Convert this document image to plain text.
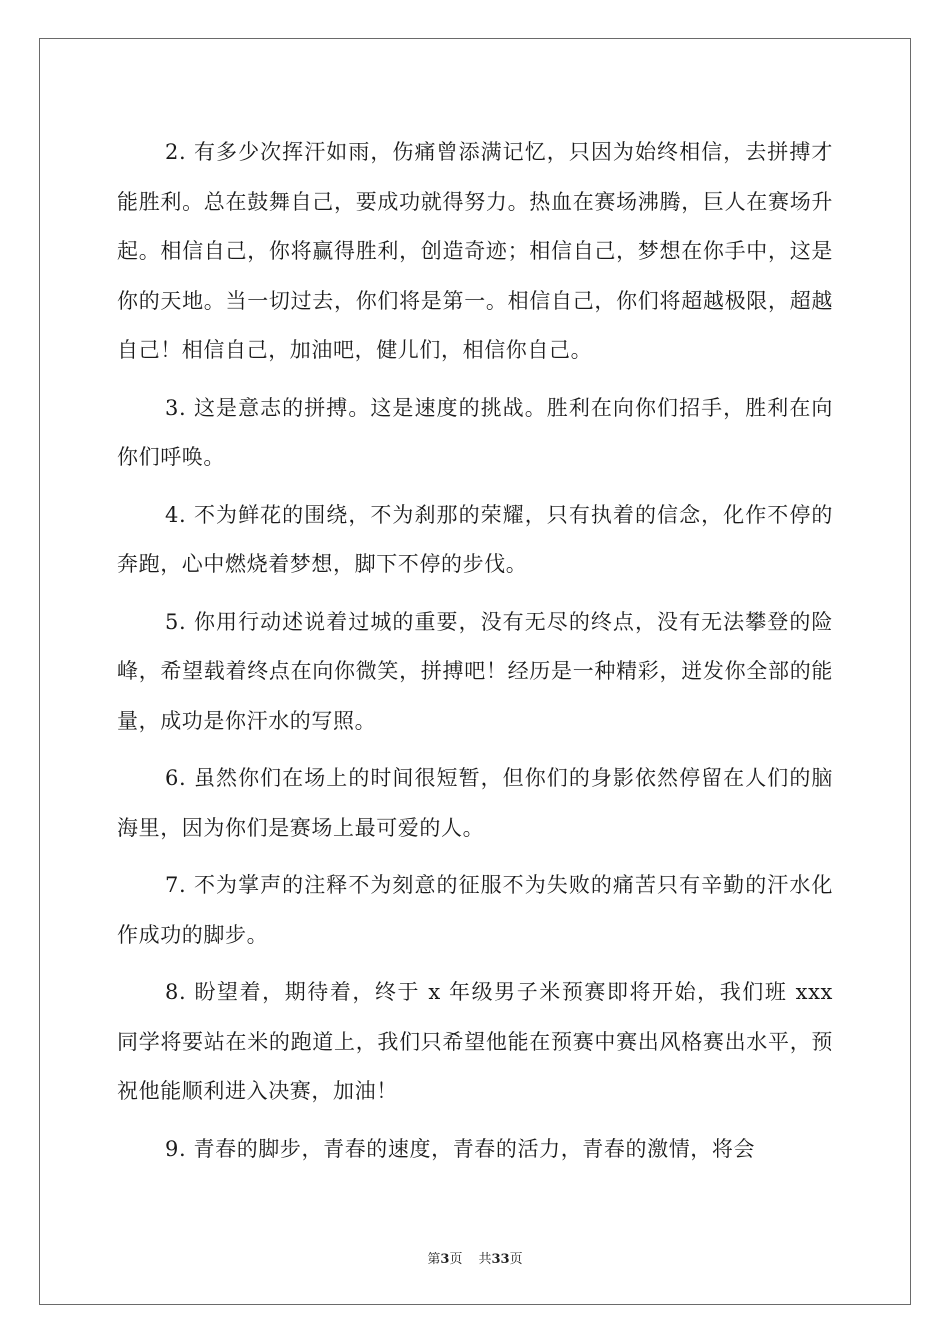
2. 有多少次挥汗如雨，伤痛曾添满记忆，只因为始终相信，去拼搏才能胜利。总在鼓舞自己，要成功就得努力。热血在赛场沸腾，巨人在赛场升起。相信自己，你将赢得胜利，创造奇迹；相信自己，梦想在你手中，这是你的天地。当一切过去，你们将是第一。相信自己，你们将超越极限，超越自己！相信自己，加油吧，健儿们，相信你自己。

3. 这是意志的拼搏。这是速度的挑战。胜利在向你们招手，胜利在向你们呼唤。

4. 不为鲜花的围绕，不为刹那的荣耀，只有执着的信念，化作不停的奔跑，心中燃烧着梦想，脚下不停的步伐。

5. 你用行动述说着过城的重要，没有无尽的终点，没有无法攀登的险峰，希望载着终点在向你微笑，拼搏吧！经历是一种精彩，迸发你全部的能量，成功是你汗水的写照。

6. 虽然你们在场上的时间很短暂，但你们的身影依然停留在人们的脑海里，因为你们是赛场上最可爱的人。

7. 不为掌声的注释不为刻意的征服不为失败的痛苦只有辛勤的汗水化作成功的脚步。

8. 盼望着，期待着，终于 x 年级男子米预赛即将开始，我们班 xxx 同学将要站在米的跑道上，我们只希望他能在预赛中赛出风格赛出水平，预祝他能顺利进入决赛，加油！

9. 青春的脚步，青春的速度，青春的活力，青春的激情，将会

第3页 共33页
